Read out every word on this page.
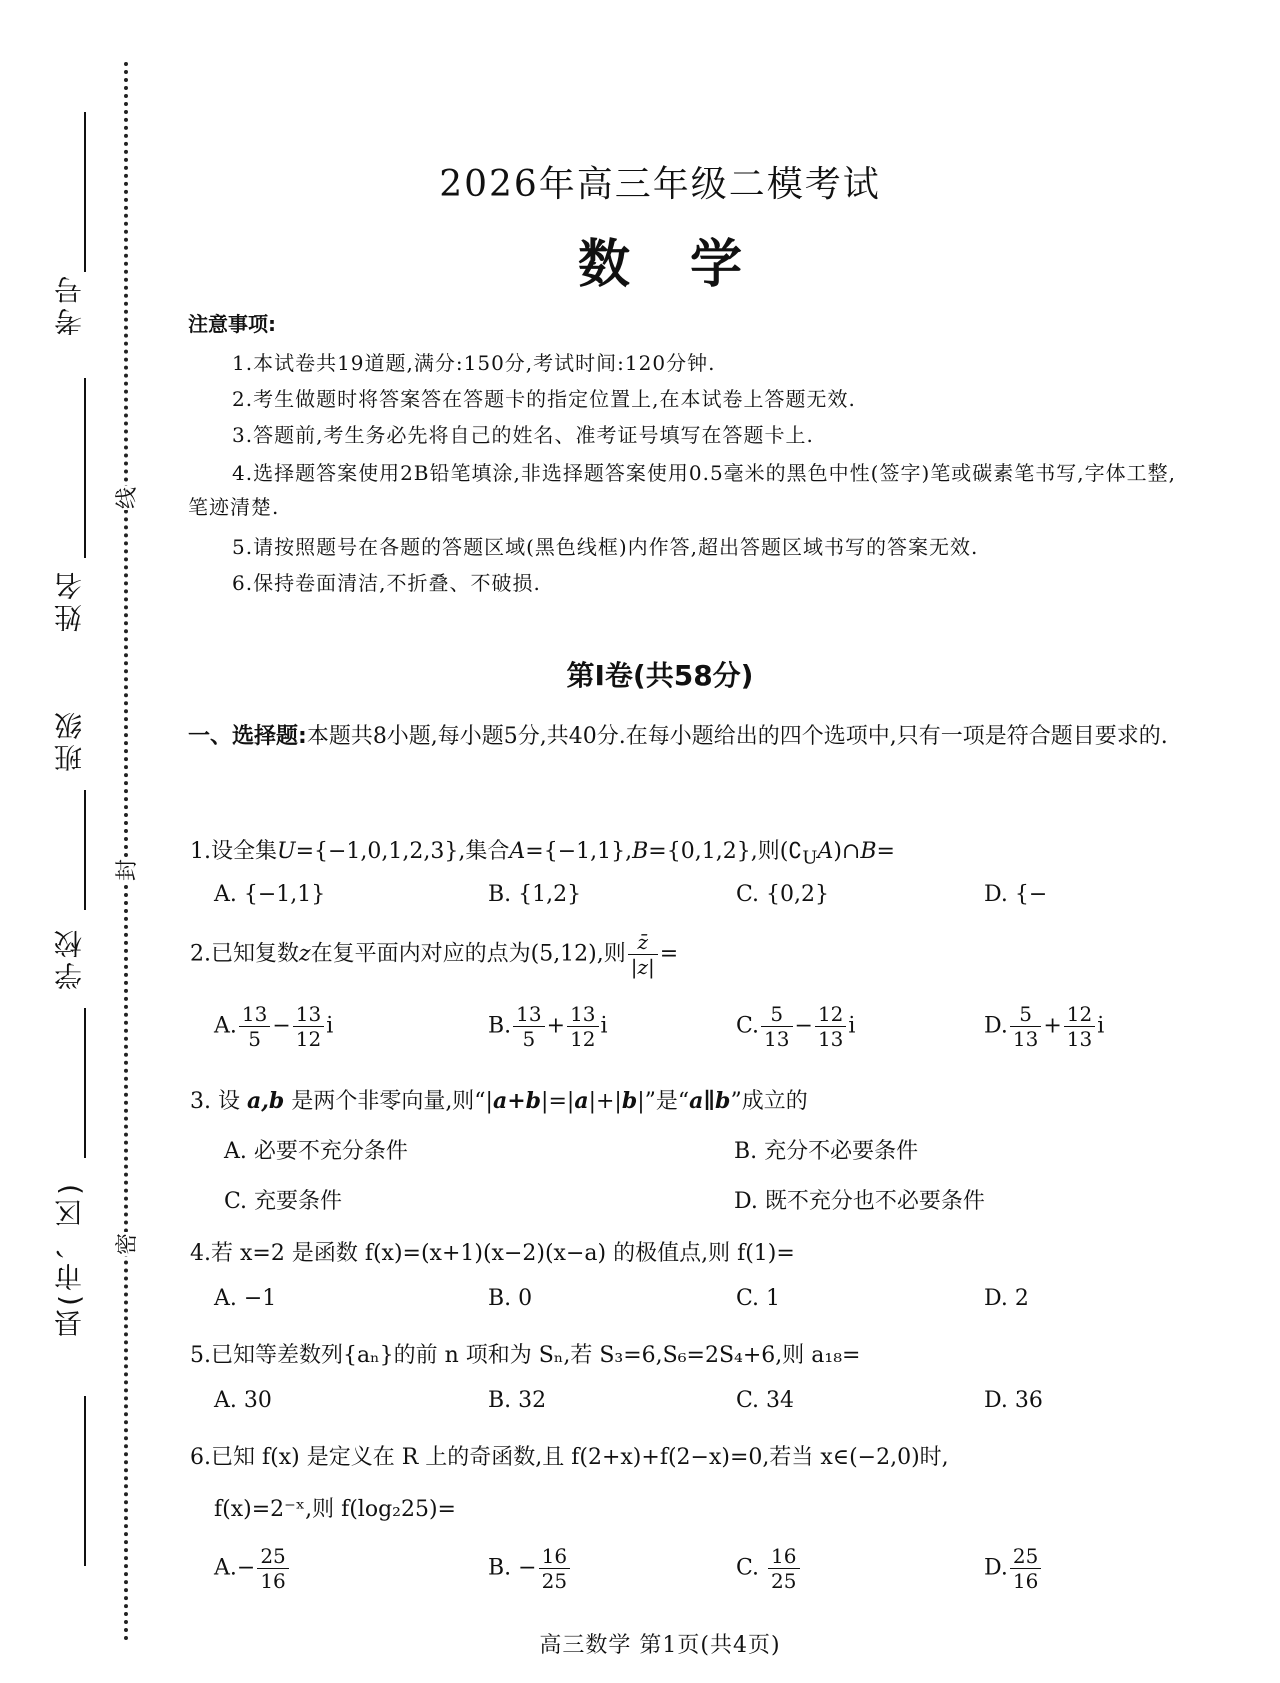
考号
姓名
班级
学校
县(市、区)
线
封
密
2026年高三年级二模考试
数学
注意事项:
1.本试卷共19道题,满分:150分,考试时间:120分钟.
2.考生做题时将答案答在答题卡的指定位置上,在本试卷上答题无效.
3.答题前,考生务必先将自己的姓名、准考证号填写在答题卡上.
4.选择题答案使用2B铅笔填涂,非选择题答案使用0.5毫米的黑色中性(签字)笔或碳素笔书写,字体工整,笔迹清楚.
5.请按照题号在各题的答题区域(黑色线框)内作答,超出答题区域书写的答案无效.
6.保持卷面清洁,不折叠、不破损.
第Ⅰ卷(共58分)
一、选择题:本题共8小题,每小题5分,共40分.在每小题给出的四个选项中,只有一项是符合题目要求的.
1.设全集U={−1,0,1,2,3},集合A={−1,1},B={0,1,2},则$(∁_UA)\cap B=$
A. {−1,1}	B. {1,2}	C. {0,2}	D. {−
2.已知复数z在复平面内对应的点为(5,12),则 $\frac{z̄}{|z|}$ =
A. $\frac{13}{5} - \frac{13}{12}$ i	B. $\frac{13}{5} + \frac{13}{12}$ i	C. $\frac{5}{13} - \frac{12}{13}$ i	D. $\frac{5}{13} + \frac{12}{13}$ i
3. 设 a,b 是两个非零向量,则“|a+b|=|a|+|b|”是“a∥b”成立的
A. 必要不充分条件	B. 充分不必要条件
C. 充要条件	D. 既不充分也不必要条件
4.若 x=2 是函数 f(x)=(x+1)(x−2)(x−a) 的极值点,则 f(1)=
A. −1	B. 0	C. 1	D. 2
5.已知等差数列{aₙ}的前 n 项和为 Sₙ,若 S₃=6,S₆=2S₄+6,则 a₁₈=
A. 30	B. 32	C. 34	D. 36
6.已知 f(x) 是定义在 R 上的奇函数,且 f(2+x)+f(2−x)=0,若当 x∈(−2,0)时,
f(x)=2⁻ˣ,则 f(log₂25)=
$A.- \frac{25}{16}$	B. − $\frac{16}{25}$	C. $\frac{16}{25}$	D. $\frac{25}{16}$
高三数学 第1页(共4页)
